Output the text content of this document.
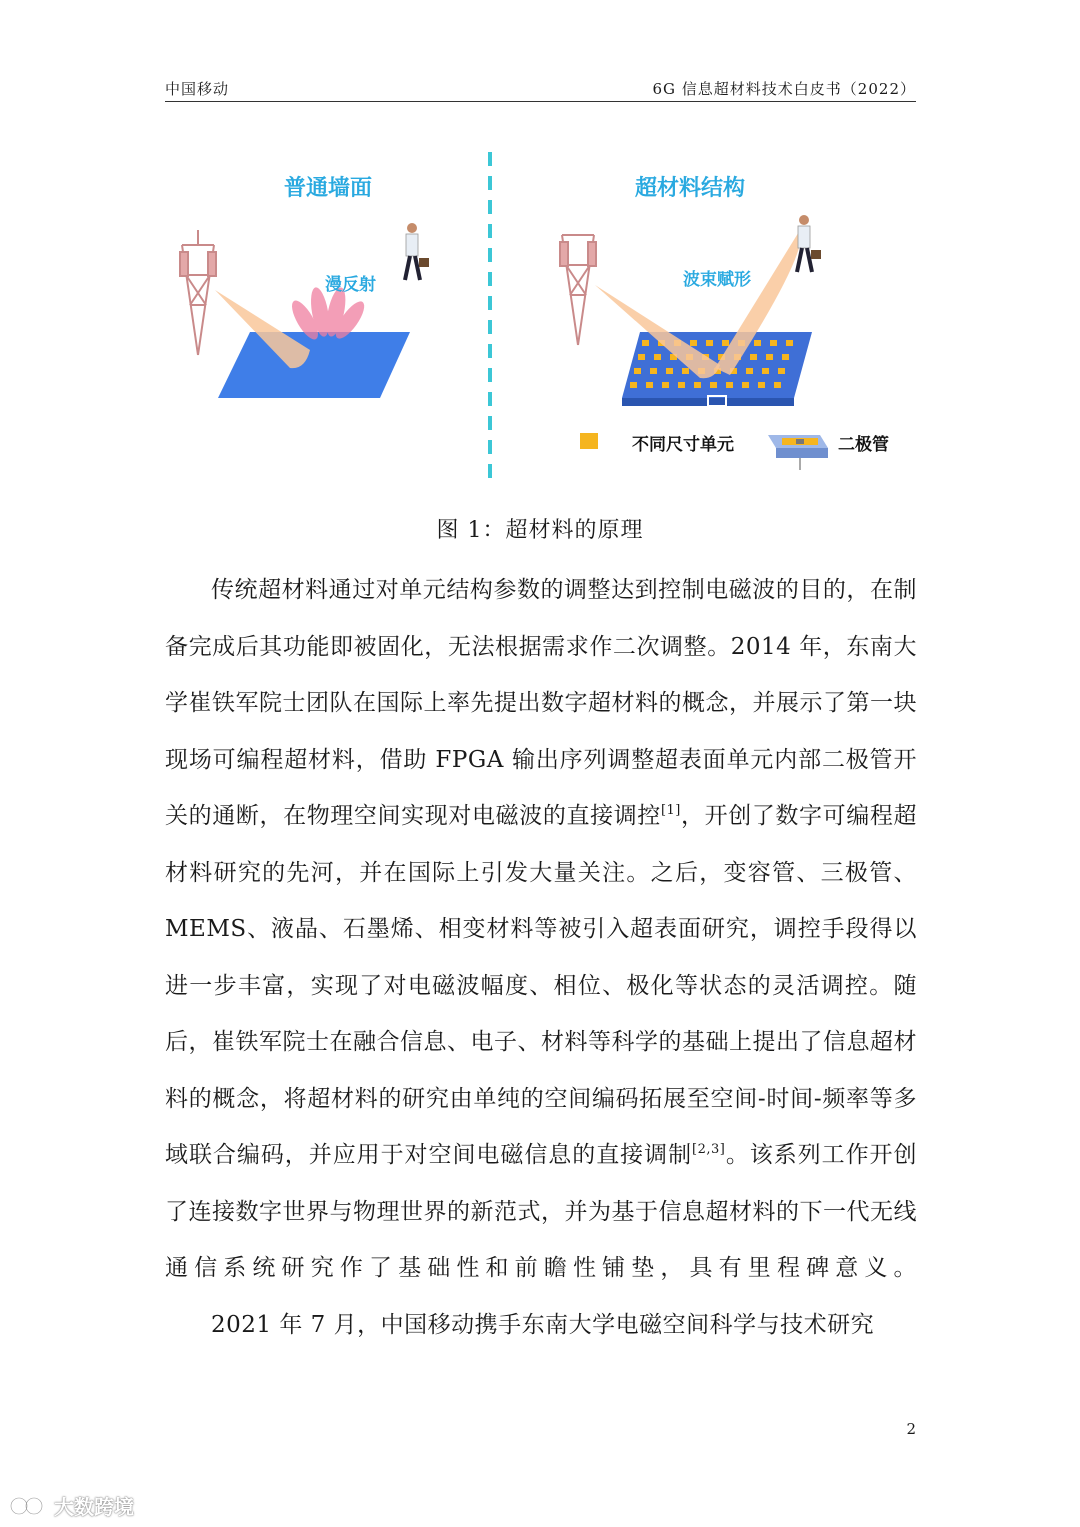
中国移动	6G 信息超材料技术白皮书（2022）
普通墙面
漫反射
超材料结构
波束赋形
不同尺寸单元	二极管
图 1：超材料的原理

传统超材料通过对单元结构参数的调整达到控制电磁波的目的，在制备完成后其功能即被固化，无法根据需求作二次调整。2014 年，东南大学崔铁军院士团队在国际上率先提出数字超材料的概念，并展示了第一块现场可编程超材料，借助 FPGA 输出序列调整超表面单元内部二极管开关的通断，在物理空间实现对电磁波的直接调控[1]，开创了数字可编程超材料研究的先河，并在国际上引发大量关注。之后，变容管、三极管、MEMS、液晶、石墨烯、相变材料等被引入超表面研究，调控手段得以进一步丰富，实现了对电磁波幅度、相位、极化等状态的灵活调控。随后，崔铁军院士在融合信息、电子、材料等科学的基础上提出了信息超材料的概念，将超材料的研究由单纯的空间编码拓展至空间-时间-频率等多域联合编码，并应用于对空间电磁信息的直接调制[2,3]。该系列工作开创了连接数字世界与物理世界的新范式，并为基于信息超材料的下一代无线通信系统研究作了基础性和前瞻性铺垫，具有里程碑意义。

2021 年 7 月，中国移动携手东南大学电磁空间科学与技术研究

2
大数跨境
